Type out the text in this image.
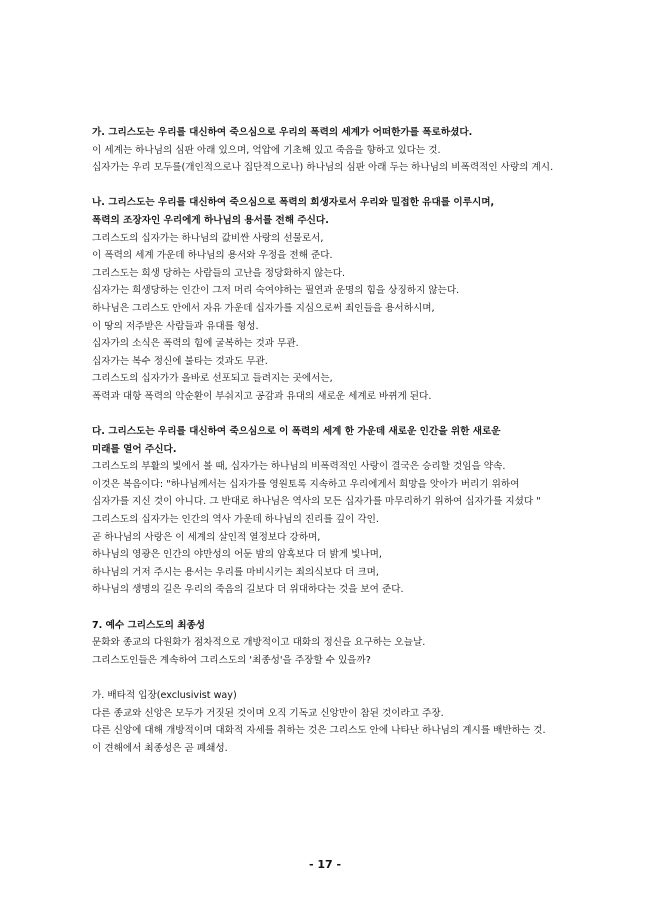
가. 그리스도는 우리를 대신하여 죽으심으로 우리의 폭력의 세계가 어떠한가를 폭로하셨다.

이 세계는 하나님의 심판 아래 있으며, 억압에 기초해 있고 죽음을 향하고 있다는 것.

십자가는 우리 모두를(개인적으로나 집단적으로나) 하나님의 심판 아래 두는 하나님의 비폭력적인 사랑의 계시.

나. 그리스도는 우리를 대신하여 죽으심으로 폭력의 희생자로서 우리와 밀접한 유대를 이루시며,

폭력의 조장자인 우리에게 하나님의 용서를 전해 주신다.

그리스도의 십자가는 하나님의 값비싼 사랑의 선물로서,

이 폭력의 세계 가운데 하나님의 용서와 우정을 전해 준다.

그리스도는 희생 당하는 사람들의 고난을 정당화하지 않는다.

십자가는 희생당하는 인간이 그저 머리 숙여야하는 필연과 운명의 힘을 상징하지 않는다.

하나님은 그리스도 안에서 자유 가운데 십자가를 지심으로써 죄인들을 용서하시며,

이 땅의 저주받은 사람들과 유대를 형성.

십자가의 소식은 폭력의 힘에 굴복하는 것과 무관.

십자가는 복수 정신에 불타는 것과도 무관.

그리스도의 십자가가 올바로 선포되고 들려지는 곳에서는,

폭력과 대항 폭력의 악순환이 부숴지고 공감과 유대의 새로운 세계로 바뀌게 된다.

다. 그리스도는 우리를 대신하여 죽으심으로 이 폭력의 세계 한 가운데 새로운 인간을 위한 새로운

미래를 열어 주신다.

그리스도의 부활의 빛에서 볼 때, 십자가는 하나님의 비폭력적인 사랑이 결국은 승리할 것임을 약속.

이것은 복음이다: "하나님께서는 십자가를 영원토록 지속하고 우리에게서 희망을 앗아가 버리기 위하여 십자가를 지신 것이 아니다. 그 반대로 하나님은 역사의 모든 십자가를 마무리하기 위하여 십자가를 지셨다 "

그리스도의 십자가는 인간의 역사 가운데 하나님의 진리를 깊이 각인.

곧 하나님의 사랑은 이 세계의 살인적 열정보다 강하며,

하나님의 영광은 인간의 야만성의 어둔 밤의 암흑보다 더 밝게 빛나며,

하나님의 거저 주시는 용서는 우리를 마비시키는 죄의식보다 더 크며,

하나님의 생명의 길은 우리의 죽음의 길보다 더 위대하다는 것을 보여 준다.

7. 예수 그리스도의 최종성

문화와 종교의 다원화가 점차적으로 개방적이고 대화의 정신을 요구하는 오늘날.

그리스도인들은 계속하여 그리스도의 '최종성'을 주장할 수 있을까?

가. 배타적 입장(exclusivist way)

다른 종교와 신앙은 모두가 거짓된 것이며 오직 기독교 신앙만이 참된 것이라고 주장.

다른 신앙에 대해 개방적이며 대화적 자세를 취하는 것은 그리스도 안에 나타난 하나님의 계시를 배반하는 것.

이 견해에서 최종성은 곧 폐쇄성.

- 17 -
